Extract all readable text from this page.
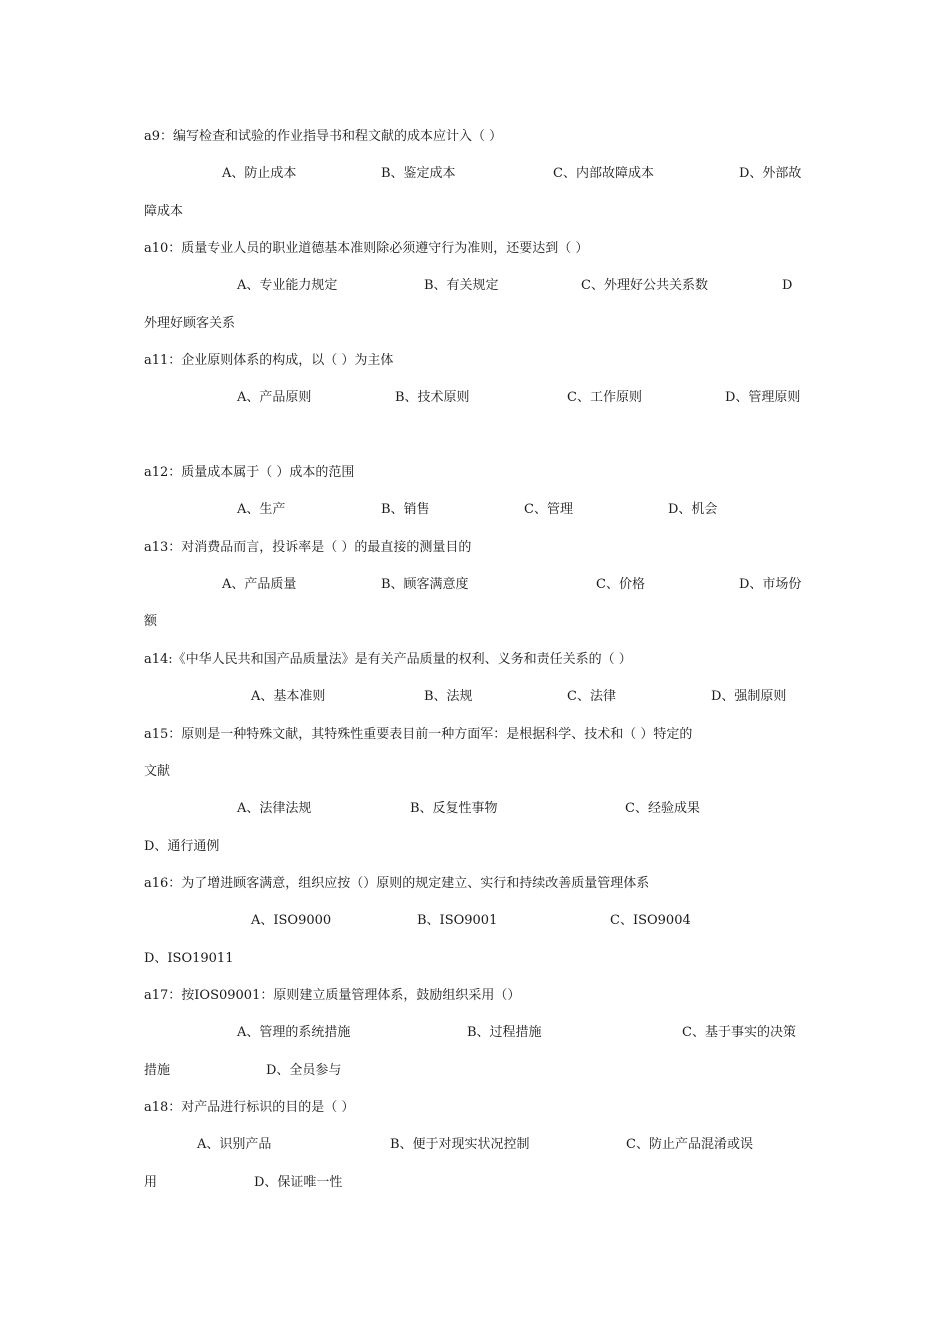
a9：编写检查和试验的作业指导书和程文献的成本应计入（ ）
A、防止成本	B、鉴定成本	C、内部故障成本	D、外部故
障成本
a10：质量专业人员的职业道德基本准则除必须遵守行为准则，还要达到（ ）
A、专业能力规定	B、有关规定	C、外理好公共关系数	D
外理好顾客关系
a11：企业原则体系的构成，以（ ）为主体
A、产品原则	B、技术原则	C、工作原则	D、管理原则
a12：质量成本属于（ ）成本的范围
A、生产	B、销售	C、管理	D、机会
a13：对消费品而言，投诉率是（ ）的最直接的测量目的
A、产品质量	B、顾客满意度	C、价格	D、市场份
额
a14:《中华人民共和国产品质量法》是有关产品质量的权利、义务和责任关系的（ ）
A、基本准则	B、法规	C、法律	D、强制原则
a15：原则是一种特殊文献，其特殊性重要表目前一种方面军：是根据科学、技术和（ ）特定的
文献
A、法律法规	B、反复性事物	C、经验成果
D、通行通例
a16：为了增进顾客满意，组织应按（）原则的规定建立、实行和持续改善质量管理体系
A、ISO9000	B、ISO9001	C、ISO9004
D、ISO19011
a17：按IOS09001：原则建立质量管理体系，鼓励组织采用（）
A、管理的系统措施	B、过程措施	C、基于事实的决策
措施	D、全员参与
a18：对产品进行标识的目的是（ ）
A、识别产品	B、便于对现实状况控制	C、防止产品混淆或误
用	D、保证唯一性
